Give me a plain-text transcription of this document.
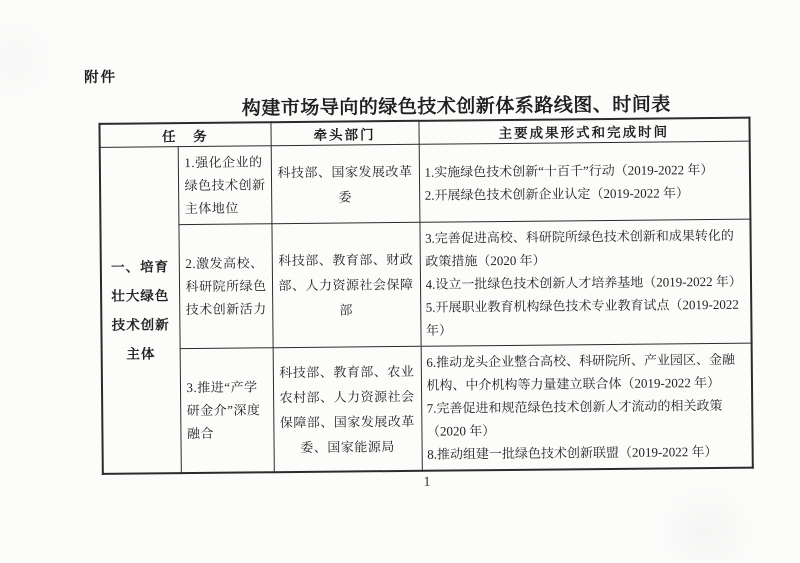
附件
构建市场导向的绿色技术创新体系路线图、时间表
任　务		牵头部门	主要成果形式和完成时间
一、培育壮大绿色技术创新主体	1.强化企业的绿色技术创新主体地位	科技部、国家发展改革委	1.实施绿色技术创新“十百千”行动（2019-2022 年）
2.开展绿色技术创新企业认定（2019-2022 年）

	2.激发高校、科研院所绿色技术创新活力	科技部、教育部、财政部、人力资源社会保障部	3.完善促进高校、科研院所绿色技术创新和成果转化的政策措施（2020 年）
4.设立一批绿色技术创新人才培养基地（2019-2022 年）
5.开展职业教育机构绿色技术专业教育试点（2019-2022 年）

	3.推进“产学研金介”深度融合	科技部、教育部、农业农村部、人力资源社会保障部、国家发展改革委、国家能源局	6.推动龙头企业整合高校、科研院所、产业园区、金融机构、中介机构等力量建立联合体（2019-2022 年）
7.完善促进和规范绿色技术创新人才流动的相关政策（2020 年）
8.推动组建一批绿色技术创新联盟（2019-2022 年）
1
